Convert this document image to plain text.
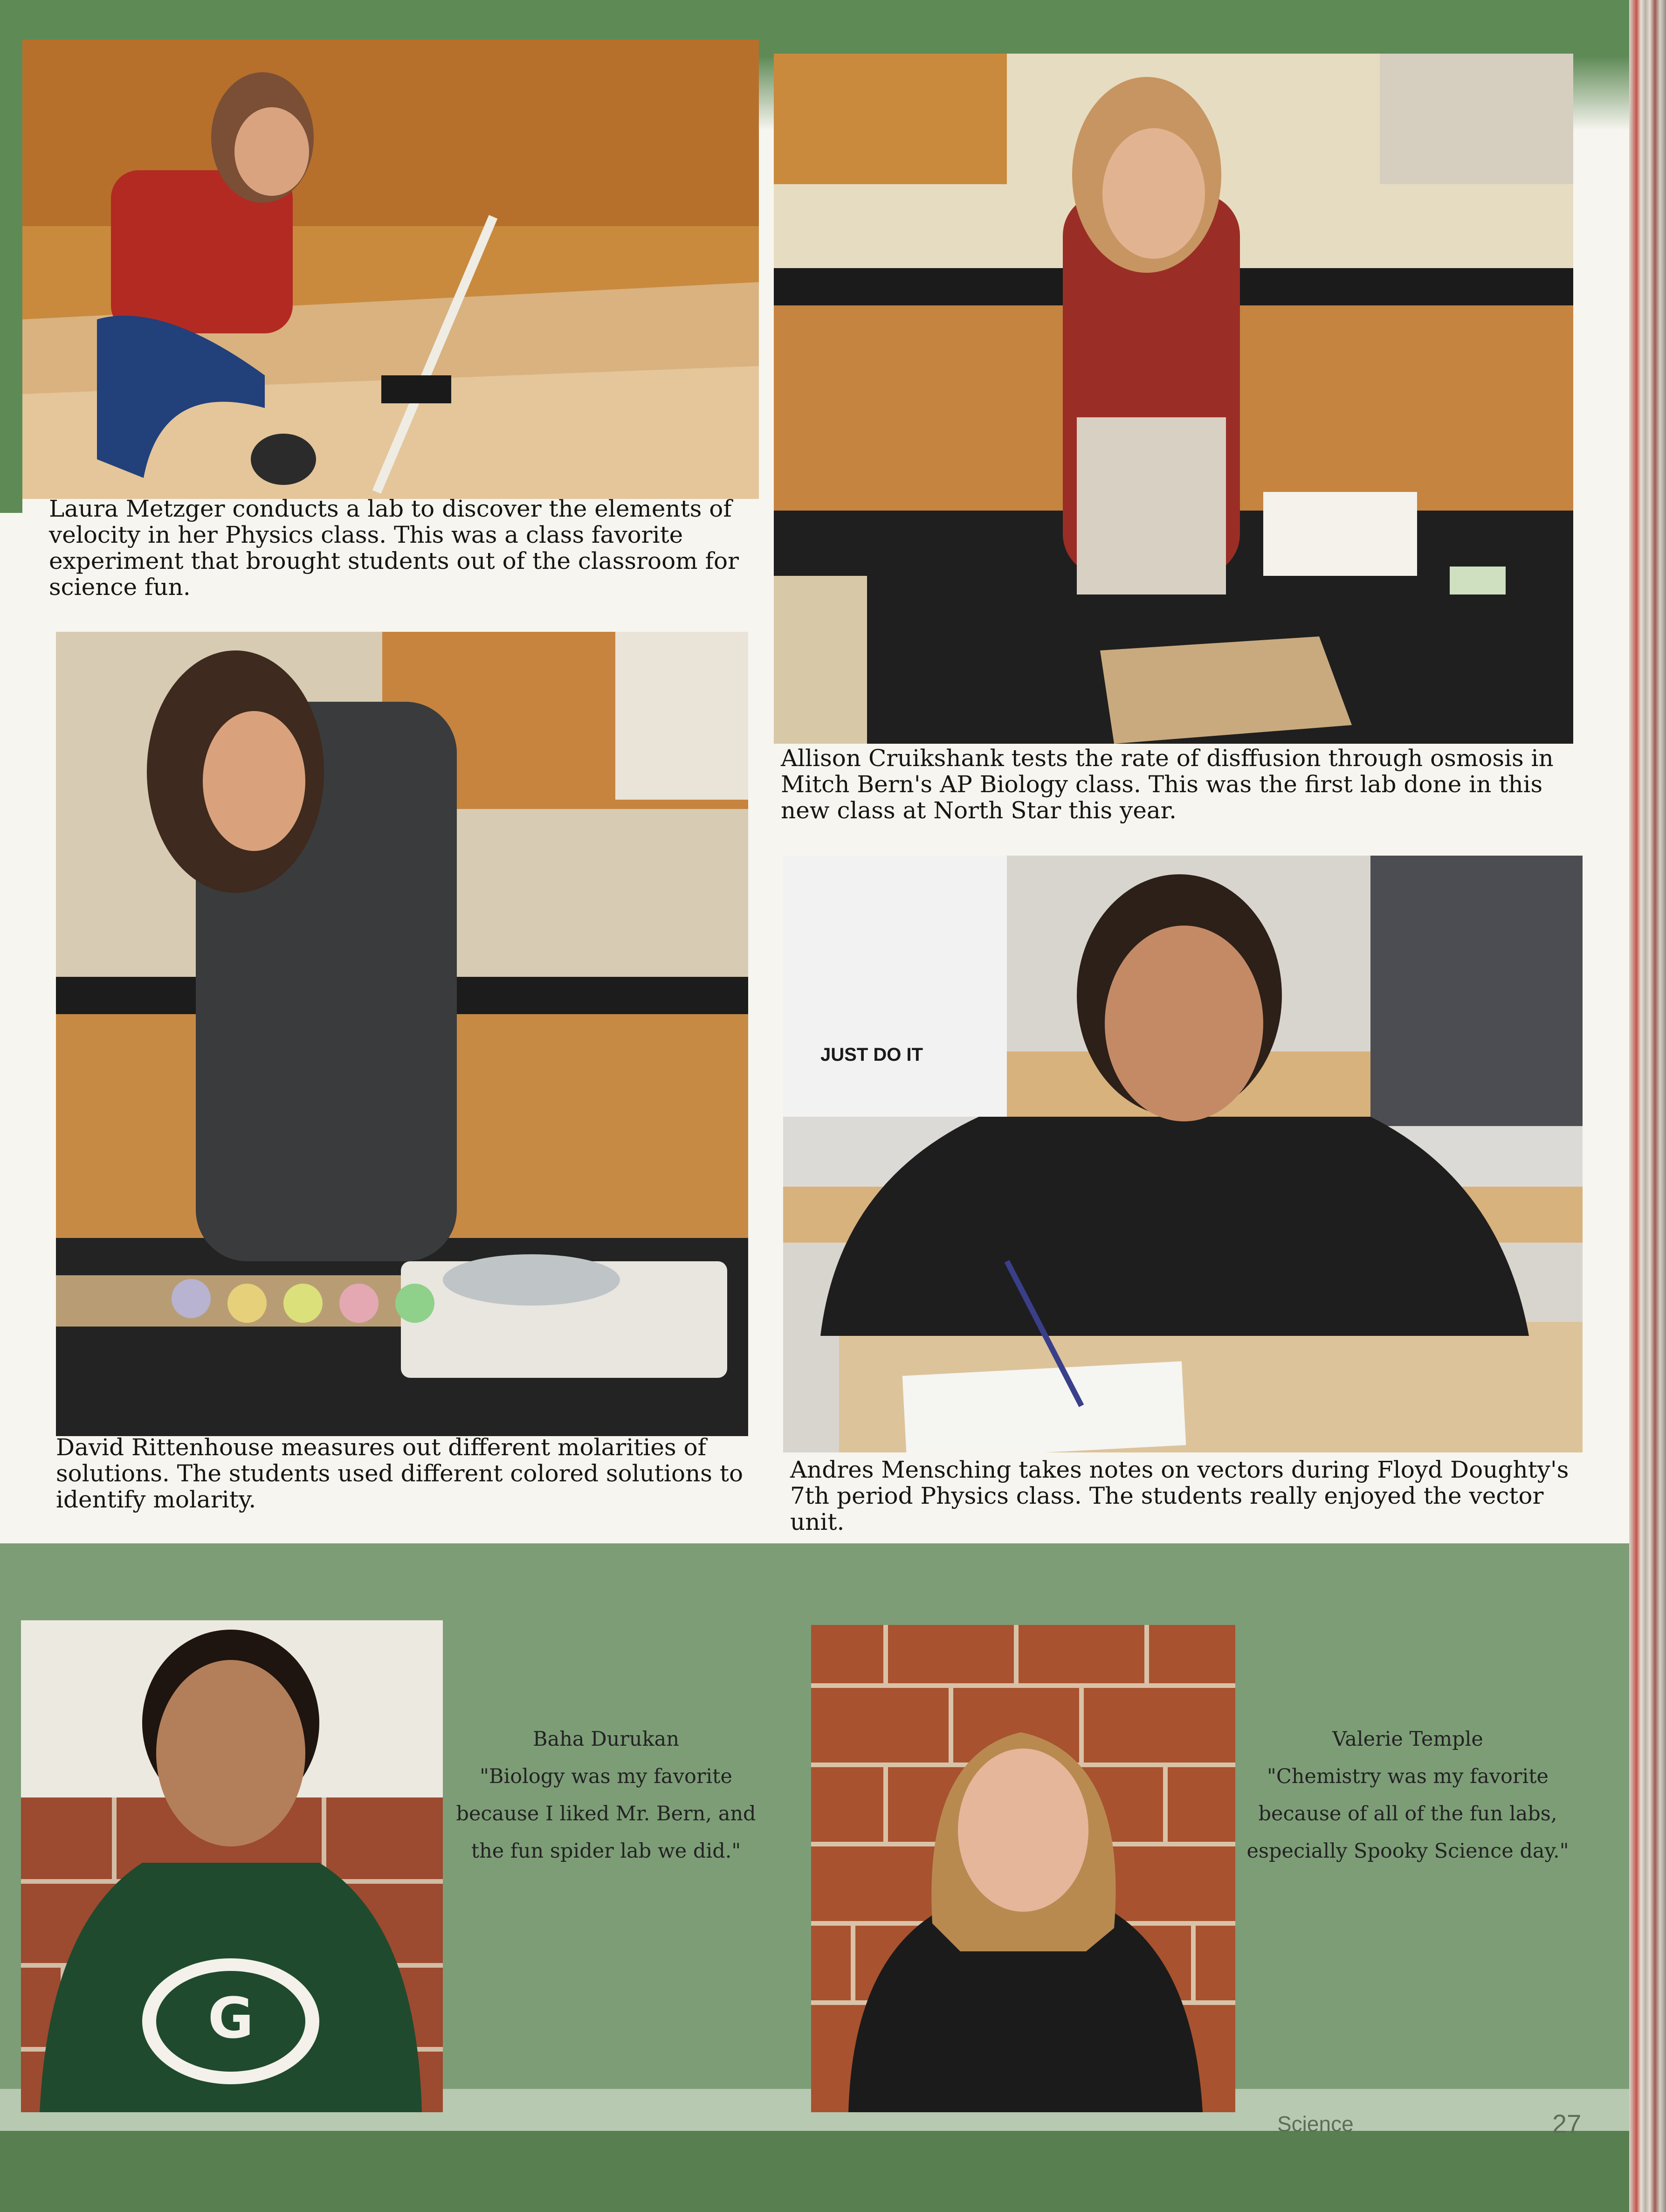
Laura Metzger conducts a lab to discover the elements of velocity in her Physics class. This was a class favorite experiment that brought students out of the classroom for science fun.

Allison Cruikshank tests the rate of disffusion through osmosis in Mitch Bern's AP Biology class. This was the first lab done in this new class at North Star this year.

David Rittenhouse measures out different molarities of solutions. The students used different colored solutions to identify molarity.

JUST DO IT

Andres Mensching takes notes on vectors during Floyd Doughty's 7th period Physics class. The students really enjoyed the vector unit.

G
Baha Durukan
"Biology was my favorite because I liked Mr. Bern, and the fun spider lab we did."
Valerie Temple
"Chemistry was my favorite because of all of the fun labs, especially Spooky Science day."
Science	27
